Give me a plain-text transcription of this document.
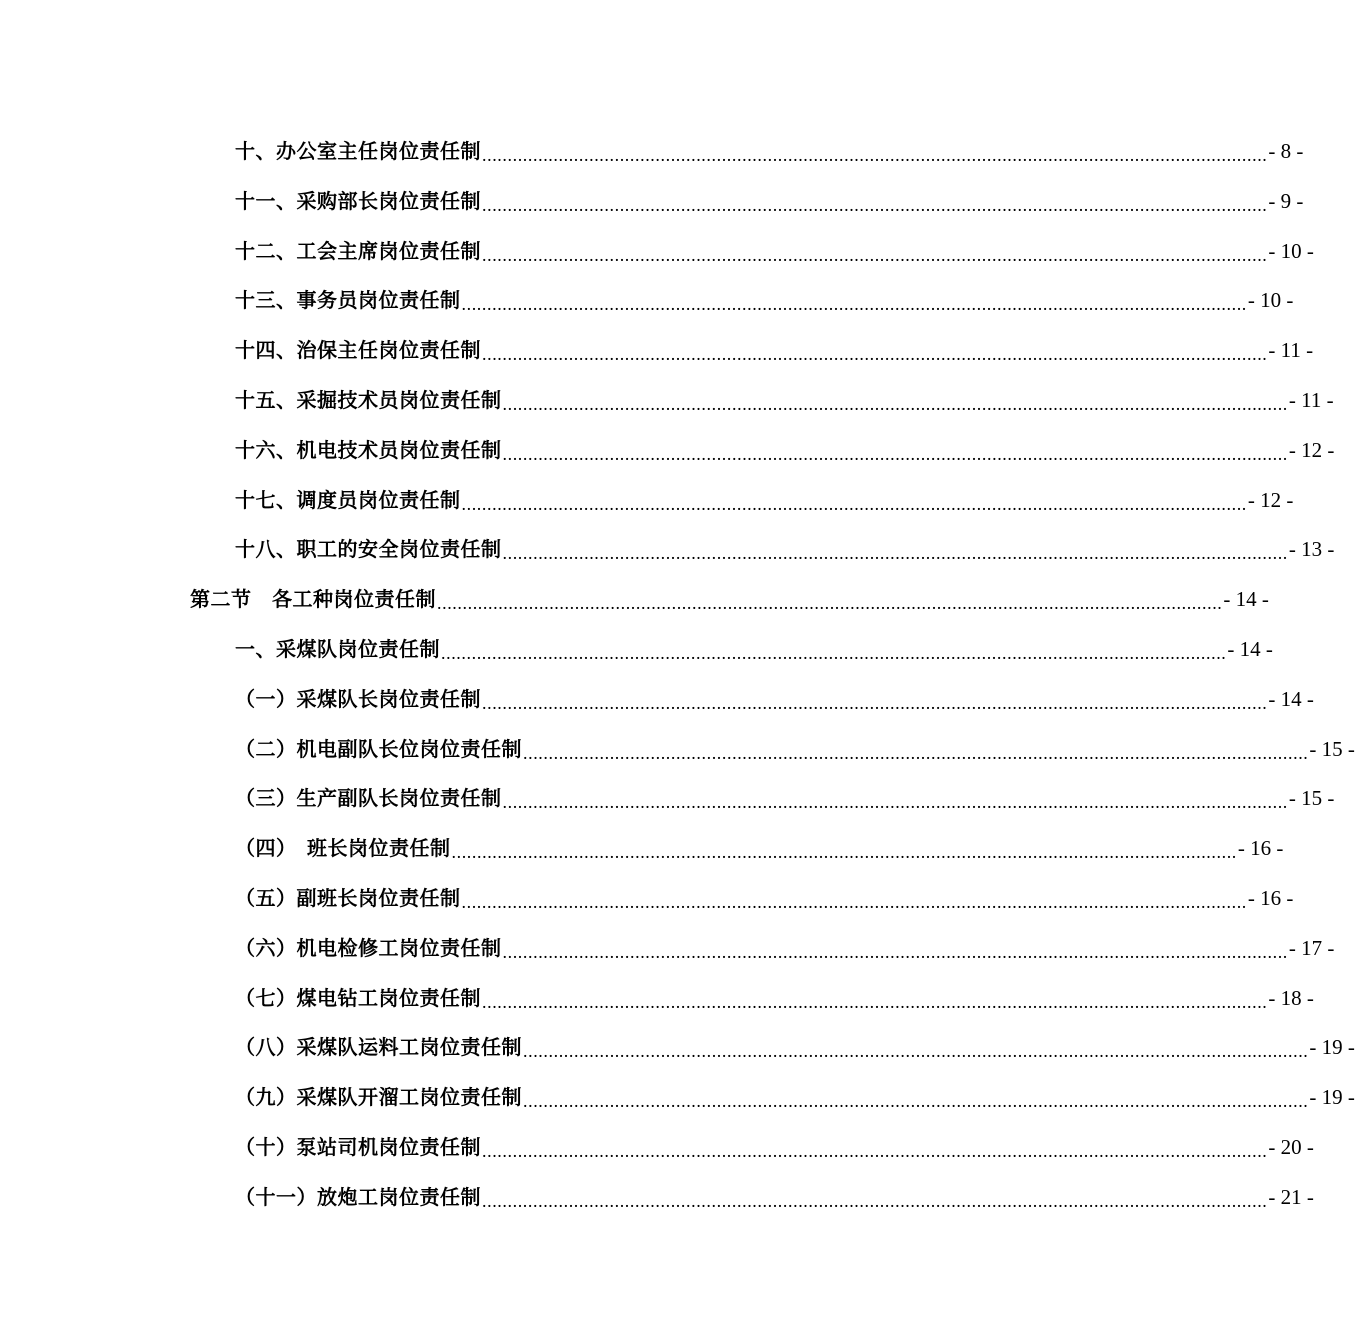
十、办公室主任岗位责任制 .......................................................................................................................................................... - 8 -
十一、采购部长岗位责任制 .......................................................................................................................................................... - 9 -
十二、工会主席岗位责任制 .......................................................................................................................................................... - 10 -
十三、事务员岗位责任制 .......................................................................................................................................................... - 10 -
十四、治保主任岗位责任制 .......................................................................................................................................................... - 11 -
十五、采掘技术员岗位责任制 .......................................................................................................................................................... - 11 -
十六、机电技术员岗位责任制 .......................................................................................................................................................... - 12 -
十七、调度员岗位责任制 .......................................................................................................................................................... - 12 -
十八、职工的安全岗位责任制 .......................................................................................................................................................... - 13 -
第二节　各工种岗位责任制 .......................................................................................................................................................... - 14 -
一、采煤队岗位责任制 .......................................................................................................................................................... - 14 -
（一）采煤队长岗位责任制 .......................................................................................................................................................... - 14 -
（二）机电副队长位岗位责任制 .......................................................................................................................................................... - 15 -
（三）生产副队长岗位责任制 .......................................................................................................................................................... - 15 -
（四）　班长岗位责任制 .......................................................................................................................................................... - 16 -
（五）副班长岗位责任制 .......................................................................................................................................................... - 16 -
（六）机电检修工岗位责任制 .......................................................................................................................................................... - 17 -
（七）煤电钻工岗位责任制 .......................................................................................................................................................... - 18 -
（八）采煤队运料工岗位责任制 .......................................................................................................................................................... - 19 -
（九）采煤队开溜工岗位责任制 .......................................................................................................................................................... - 19 -
（十）泵站司机岗位责任制 .......................................................................................................................................................... - 20 -
（十一）放炮工岗位责任制 .......................................................................................................................................................... - 21 -
